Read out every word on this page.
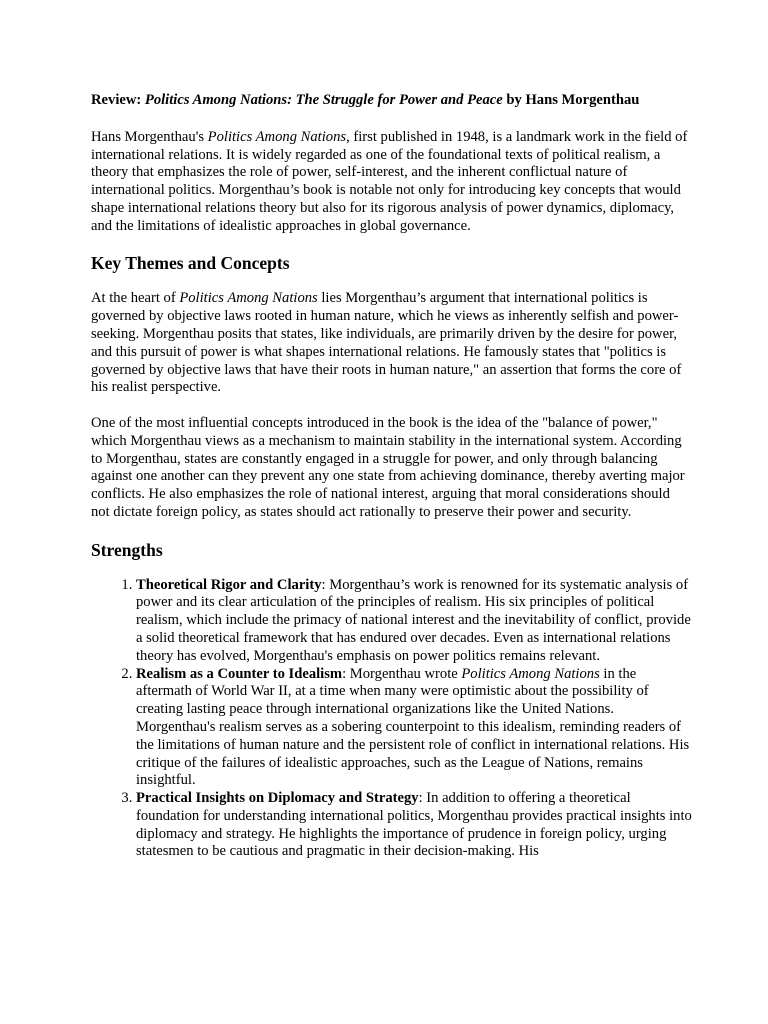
Review: Politics Among Nations: The Struggle for Power and Peace by Hans Morgenthau

Hans Morgenthau's Politics Among Nations, first published in 1948, is a landmark work in the field of international relations. It is widely regarded as one of the foundational texts of political realism, a theory that emphasizes the role of power, self-interest, and the inherent conflictual nature of international politics. Morgenthau’s book is notable not only for introducing key concepts that would shape international relations theory but also for its rigorous analysis of power dynamics, diplomacy, and the limitations of idealistic approaches in global governance.

Key Themes and Concepts

At the heart of Politics Among Nations lies Morgenthau’s argument that international politics is governed by objective laws rooted in human nature, which he views as inherently selfish and power-seeking. Morgenthau posits that states, like individuals, are primarily driven by the desire for power, and this pursuit of power is what shapes international relations. He famously states that "politics is governed by objective laws that have their roots in human nature," an assertion that forms the core of his realist perspective.

One of the most influential concepts introduced in the book is the idea of the "balance of power," which Morgenthau views as a mechanism to maintain stability in the international system. According to Morgenthau, states are constantly engaged in a struggle for power, and only through balancing against one another can they prevent any one state from achieving dominance, thereby averting major conflicts. He also emphasizes the role of national interest, arguing that moral considerations should not dictate foreign policy, as states should act rationally to preserve their power and security.

Strengths
1. Theoretical Rigor and Clarity: Morgenthau’s work is renowned for its systematic analysis of power and its clear articulation of the principles of realism. His six principles of political realism, which include the primacy of national interest and the inevitability of conflict, provide a solid theoretical framework that has endured over decades. Even as international relations theory has evolved, Morgenthau's emphasis on power politics remains relevant.
2. Realism as a Counter to Idealism: Morgenthau wrote Politics Among Nations in the aftermath of World War II, at a time when many were optimistic about the possibility of creating lasting peace through international organizations like the United Nations. Morgenthau's realism serves as a sobering counterpoint to this idealism, reminding readers of the limitations of human nature and the persistent role of conflict in international relations. His critique of the failures of idealistic approaches, such as the League of Nations, remains insightful.
3. Practical Insights on Diplomacy and Strategy: In addition to offering a theoretical foundation for understanding international politics, Morgenthau provides practical insights into diplomacy and strategy. He highlights the importance of prudence in foreign policy, urging statesmen to be cautious and pragmatic in their decision-making. His
